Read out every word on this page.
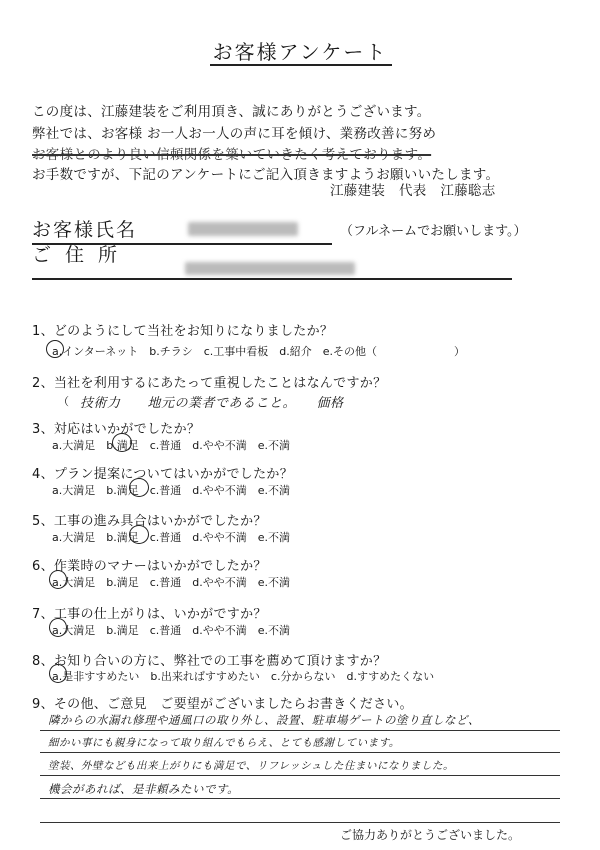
お客様アンケート
この度は、江藤建装をご利用頂き、誠にありがとうございます。
弊社では、お客様 お一人お一人の声に耳を傾け、業務改善に努め
お客様とのより良い信頼関係を築いていきたく考えております。
お手数ですが、下記のアンケートにご記入頂きますようお願いいたします。
江藤建装　代表　江藤聡志
お客様氏名	（フルネームでお願いします。）
ご住所
1、どのようにして当社をお知りになりましたか？
a.インターネット　b.チラシ　c.工事中看板　d.紹介　e.その他（　　　　　　　）
2、当社を利用するにあたって重視したことはなんですか？
（ 技術力　　地元の業者であること。　　価格
3、対応はいかがでしたか？
a.大満足　b.満足　c.普通　d.やや不満　e.不満
4、プラン提案についてはいかがでしたか？
a.大満足　b.満足　c.普通　d.やや不満　e.不満
5、工事の進み具合はいかがでしたか？
a.大満足　b.満足　c.普通　d.やや不満　e.不満
6、作業時のマナーはいかがでしたか？
a.大満足　b.満足　c.普通　d.やや不満　e.不満
7、工事の仕上がりは、いかがですか？
a.大満足　b.満足　c.普通　d.やや不満　e.不満
8、お知り合いの方に、弊社での工事を薦めて頂けますか？
a.是非すすめたい　b.出来ればすすめたい　c.分からない　d.すすめたくない
9、その他、ご意見　ご要望がございましたらお書きください。
隣からの水漏れ修理や通風口の取り外し、設置、駐車場ゲートの塗り直しなど、
細かい事にも親身になって取り組んでもらえ、とても感謝しています。
塗装、外壁なども出来上がりにも満足で、リフレッシュした住まいになりました。
機会があれば、是非頼みたいです。
ご協力ありがとうございました。
